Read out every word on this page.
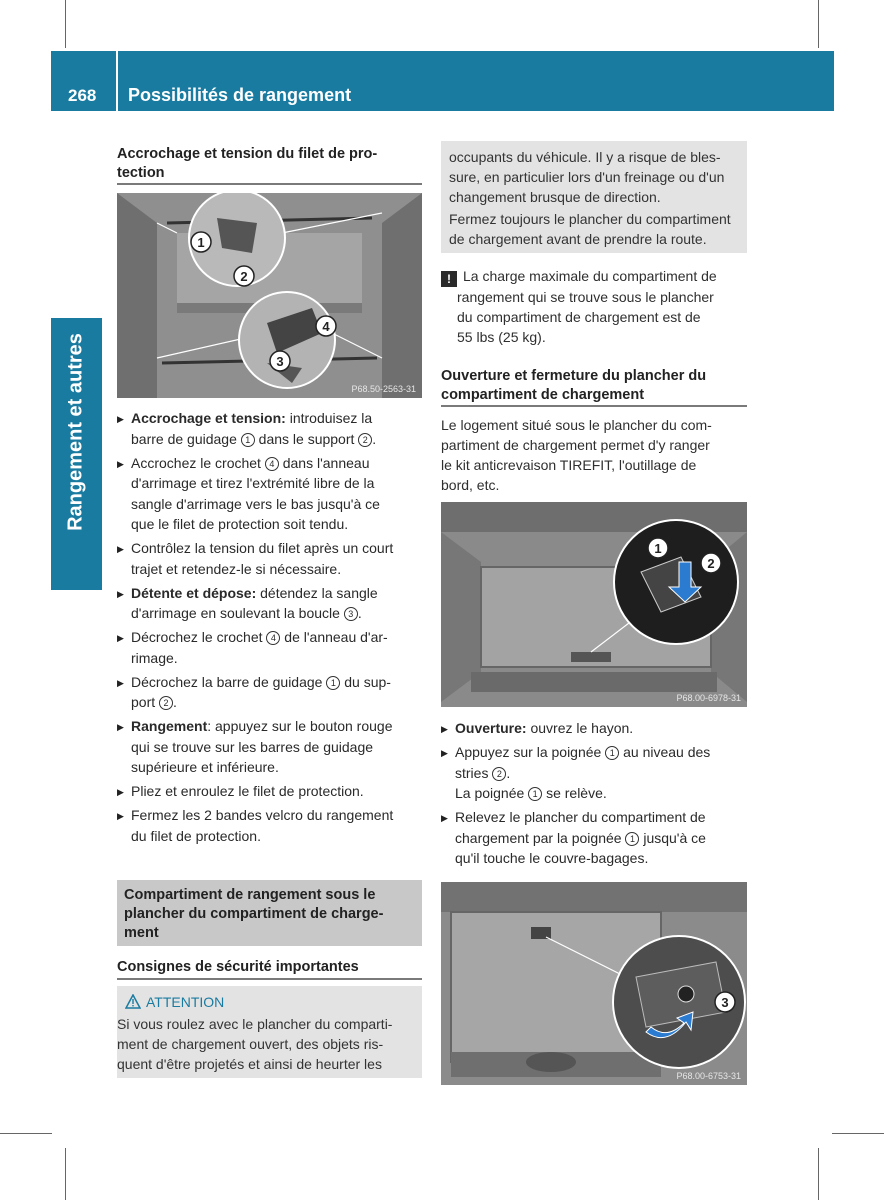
268 Possibilités de rangement
Rangement et autres
Accrochage et tension du filet de pro-
tection
1
2
3
4
P68.50-2563-31
▶ Accrochage et tension: introduisez la
barre de guidage 1 dans le support 2 .
▶ Accrochez le crochet 4 dans l'anneau
d'arrimage et tirez l'extrémité libre de la
sangle d'arrimage vers le bas jusqu'à ce
que le filet de protection soit tendu.
▶ Contrôlez la tension du filet après un court
trajet et retendez-le si nécessaire.
▶ Détente et dépose: détendez la sangle
d'arrimage en soulevant la boucle 3 .
▶ Décrochez le crochet 4 de l'anneau d'ar-
rimage.
▶ Décrochez la barre de guidage 1 du sup-
port 2 .
▶ Rangement: appuyez sur le bouton rouge
qui se trouve sur les barres de guidage
supérieure et inférieure.
▶ Pliez et enroulez le filet de protection.
▶ Fermez les 2 bandes velcro du rangement
du filet de protection.
Compartiment de rangement sous le
plancher du compartiment de charge-
ment
Consignes de sécurité importantes
ATTENTION

Si vous roulez avec le plancher du comparti-

ment de chargement ouvert, des objets ris-

quent d'être projetés et ainsi de heurter les

occupants du véhicule. Il y a risque de bles-

sure, en particulier lors d'un freinage ou d'un

changement brusque de direction.

Fermez toujours le plancher du compartiment

de chargement avant de prendre la route.

! La charge maximale du compartiment de
rangement qui se trouve sous le plancher
du compartiment de chargement est de
55 lbs (25 kg).
Ouverture et fermeture du plancher du
compartiment de chargement
Le logement situé sous le plancher du com-
partiment de chargement permet d'y ranger
le kit anticrevaison TIREFIT, l'outillage de
bord, etc.
1
2
P68.00-6978-31
▶ Ouverture: ouvrez le hayon.
▶ Appuyez sur la poignée 1 au niveau des
stries 2 .
La poignée 1 se relève.
▶ Relevez le plancher du compartiment de
chargement par la poignée 1 jusqu'à ce
qu'il touche le couvre-bagages.
3
P68.00-6753-31
